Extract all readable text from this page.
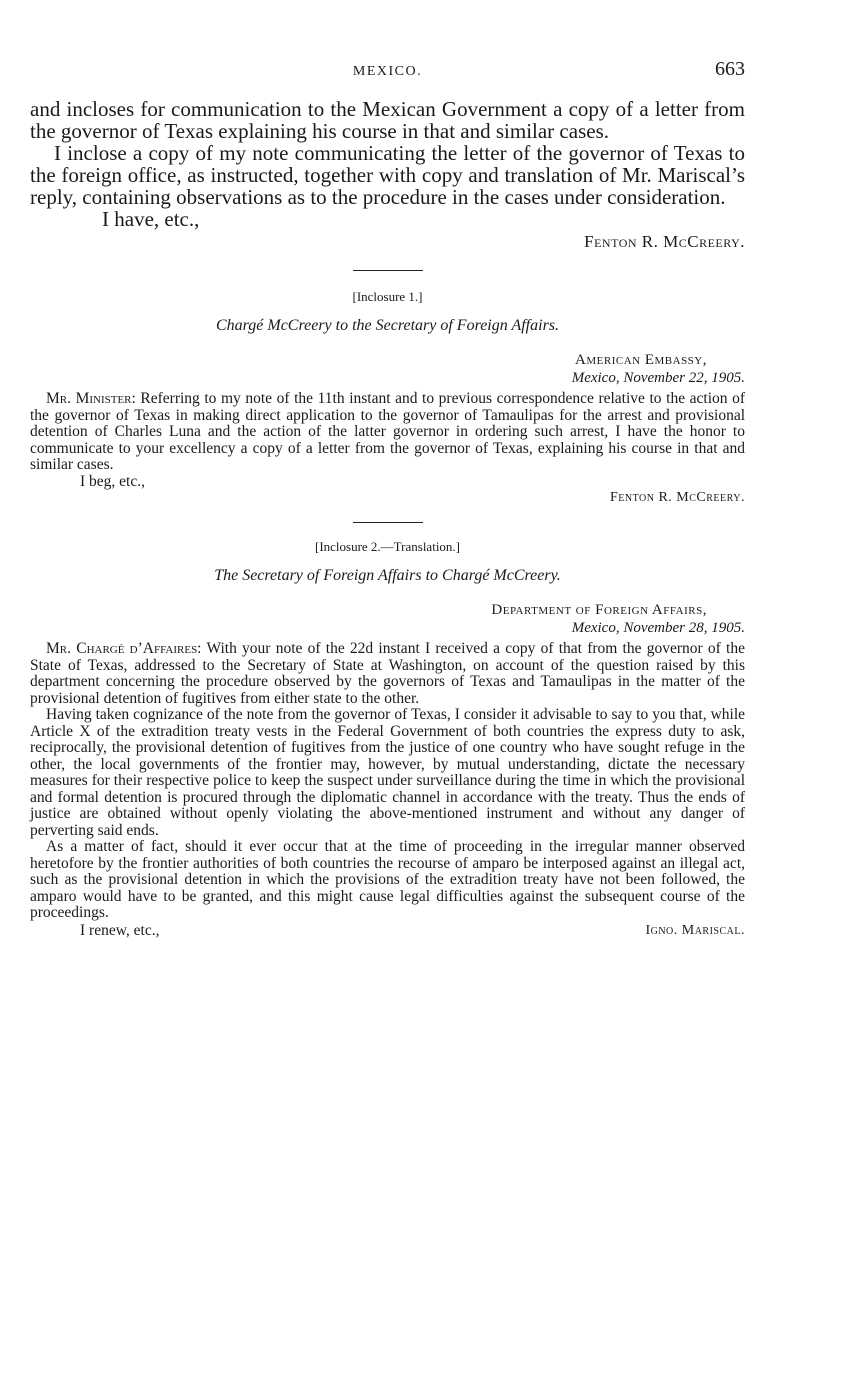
MEXICO.	663

and incloses for communication to the Mexican Government a copy of a letter from the governor of Texas explaining his course in that and similar cases.

I inclose a copy of my note communicating the letter of the governor of Texas to the foreign office, as instructed, together with copy and translation of Mr. Mariscal’s reply, containing observations as to the procedure in the cases under consideration.

I have, etc.,

Fenton R. McCreery.
[Inclosure 1.]
Chargé McCreery to the Secretary of Foreign Affairs.
American Embassy,
Mexico, November 22, 1905.

Mr. Minister: Referring to my note of the 11th instant and to previous correspondence relative to the action of the governor of Texas in making direct application to the governor of Tamaulipas for the arrest and provisional detention of Charles Luna and the action of the latter governor in ordering such arrest, I have the honor to communicate to your excellency a copy of a letter from the governor of Texas, explaining his course in that and similar cases.

I beg, etc.,

Fenton R. McCreery.
[Inclosure 2.—Translation.]
The Secretary of Foreign Affairs to Chargé McCreery.
Department of Foreign Affairs,
Mexico, November 28, 1905.

Mr. Chargé d’Affaires: With your note of the 22d instant I received a copy of that from the governor of the State of Texas, addressed to the Secretary of State at Washington, on account of the question raised by this department concerning the procedure observed by the governors of Texas and Tamaulipas in the matter of the provisional detention of fugitives from either state to the other.

Having taken cognizance of the note from the governor of Texas, I consider it advisable to say to you that, while Article X of the extradition treaty vests in the Federal Government of both countries the express duty to ask, reciprocally, the provisional detention of fugitives from the justice of one country who have sought refuge in the other, the local governments of the frontier may, however, by mutual understanding, dictate the necessary measures for their respective police to keep the suspect under surveillance during the time in which the provisional and formal detention is procured through the diplomatic channel in accordance with the treaty. Thus the ends of justice are obtained without openly violating the above-mentioned instrument and without any danger of perverting said ends.

As a matter of fact, should it ever occur that at the time of proceeding in the irregular manner observed heretofore by the frontier authorities of both countries the recourse of amparo be interposed against an illegal act, such as the provisional detention in which the provisions of the extradition treaty have not been followed, the amparo would have to be granted, and this might cause legal difficulties against the subsequent course of the proceedings.

I renew, etc.,	Igno. Mariscal.
